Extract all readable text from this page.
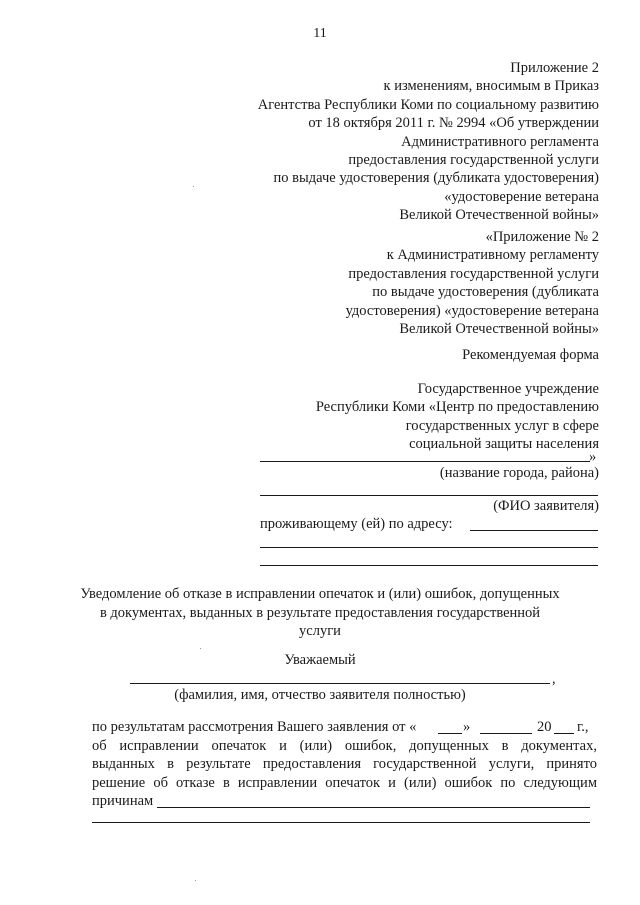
11
Приложение 2
к изменениям, вносимым в Приказ
Агентства Республики Коми по социальному развитию
от 18 октября 2011 г. № 2994 «Об утверждении
Административного регламента
предоставления государственной услуги
по выдаче удостоверения (дубликата удостоверения)
«удостоверение ветерана
Великой Отечественной войны»
«Приложение № 2
к Административному регламенту
предоставления государственной услуги
по выдаче удостоверения (дубликата
удостоверения) «удостоверение ветерана
Великой Отечественной войны»
Рекомендуемая форма
Государственное учреждение
Республики Коми «Центр по предоставлению
государственных услуг в сфере
социальной защиты населения
»
(название города, района)
(ФИО заявителя)
проживающему (ей) по адресу:
Уведомление об отказе в исправлении опечаток и (или) ошибок, допущенных
в документах, выданных в результате предоставления государственной
услуги
Уважаемый
,
(фамилия, имя, отчество заявителя полностью)
по результатам рассмотрения Вашего заявления от «	»	20 г.,
об исправлении опечаток и (или) ошибок, допущенных в документах,
выданных в результате предоставления государственной услуги, принято
решение об отказе в исправлении опечаток и (или) ошибок по следующим
причинам
